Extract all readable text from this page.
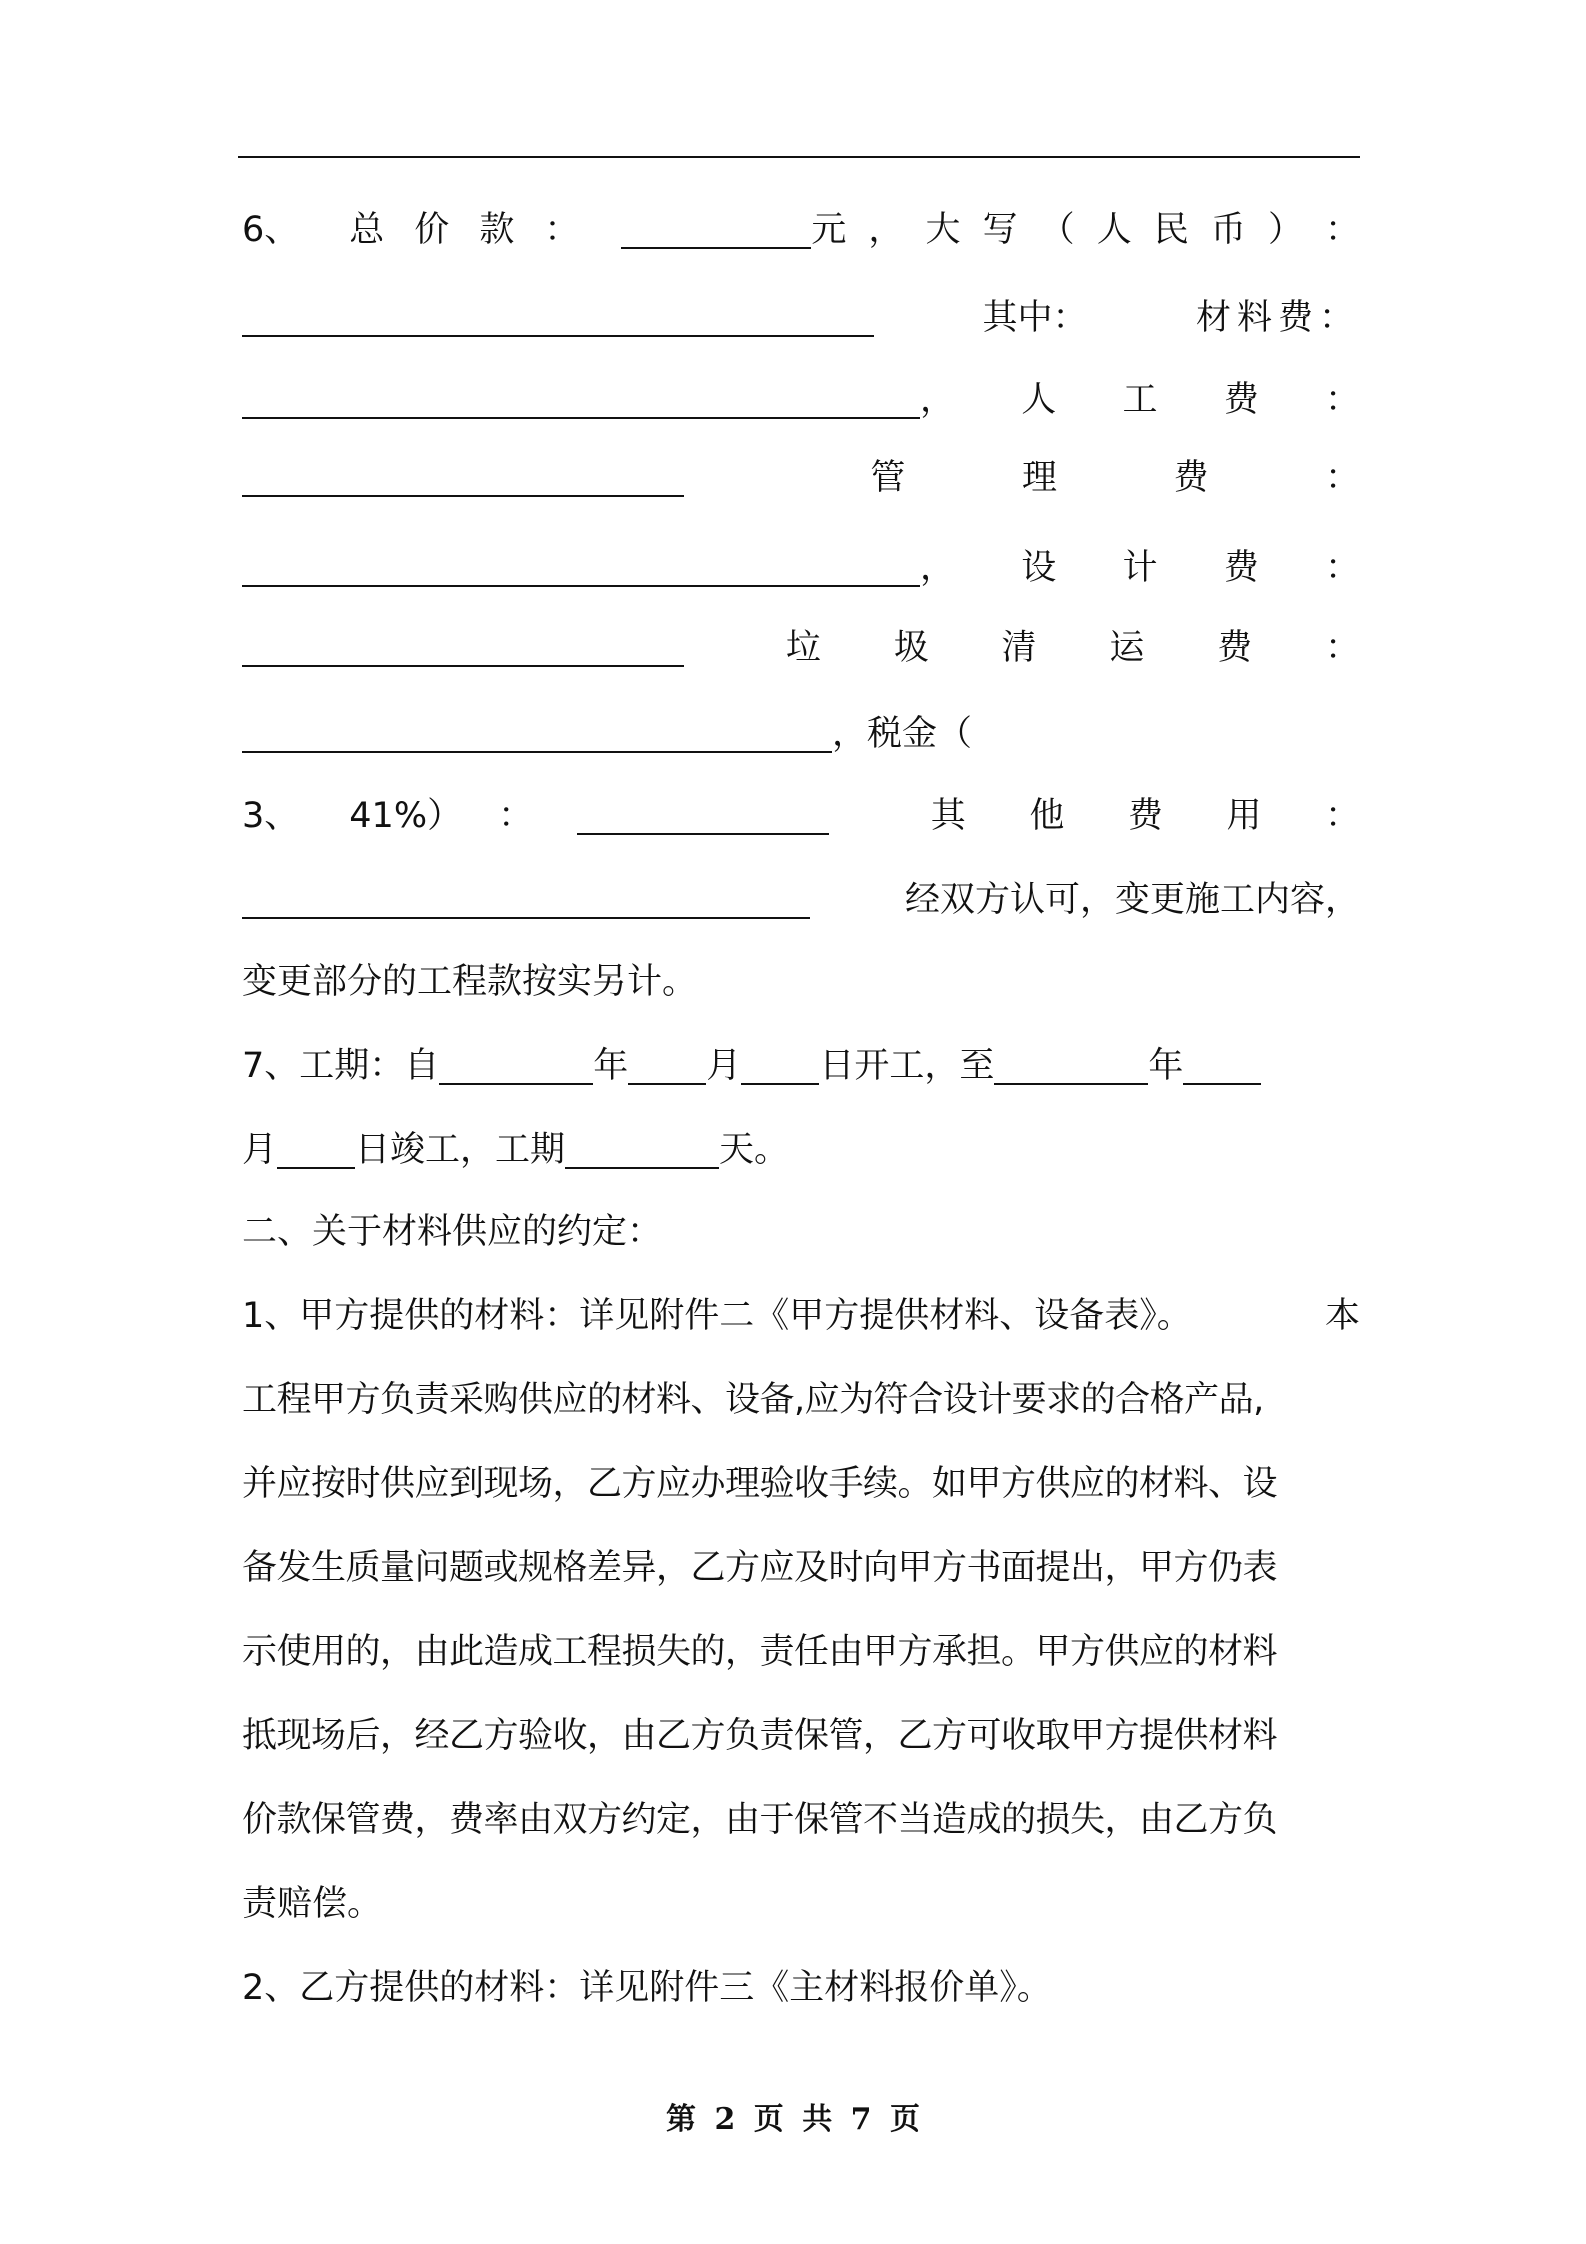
6、 总 价 款 ：	元 ， 大 写 （ 人 民 币 ） ：
其中：	材料费：
， 人 工 费 ：
管	理	费	：
， 设 计 费 ：
垃 圾 清 运 费 ：
，税金（
3、 41%） ：	其 他 费 用 ：
经双方认可，变更施工内容，
变更部分的工程款按实另计。
7、工期：自	年 月 日开工，至	年
月 日竣工，工期	天。
二、关于材料供应的约定：
1、甲方提供的材料：详见附件二《甲方提供材料、设备表》。	本
工程甲方负责采购供应的材料、设备,应为符合设计要求的合格产品,
并应按时供应到现场，乙方应办理验收手续。如甲方供应的材料、设
备发生质量问题或规格差异，乙方应及时向甲方书面提出，甲方仍表
示使用的，由此造成工程损失的，责任由甲方承担。甲方供应的材料
抵现场后，经乙方验收，由乙方负责保管，乙方可收取甲方提供材料
价款保管费，费率由双方约定，由于保管不当造成的损失，由乙方负
责赔偿。
2、乙方提供的材料：详见附件三《主材料报价单》。
第 2 页 共 7 页
